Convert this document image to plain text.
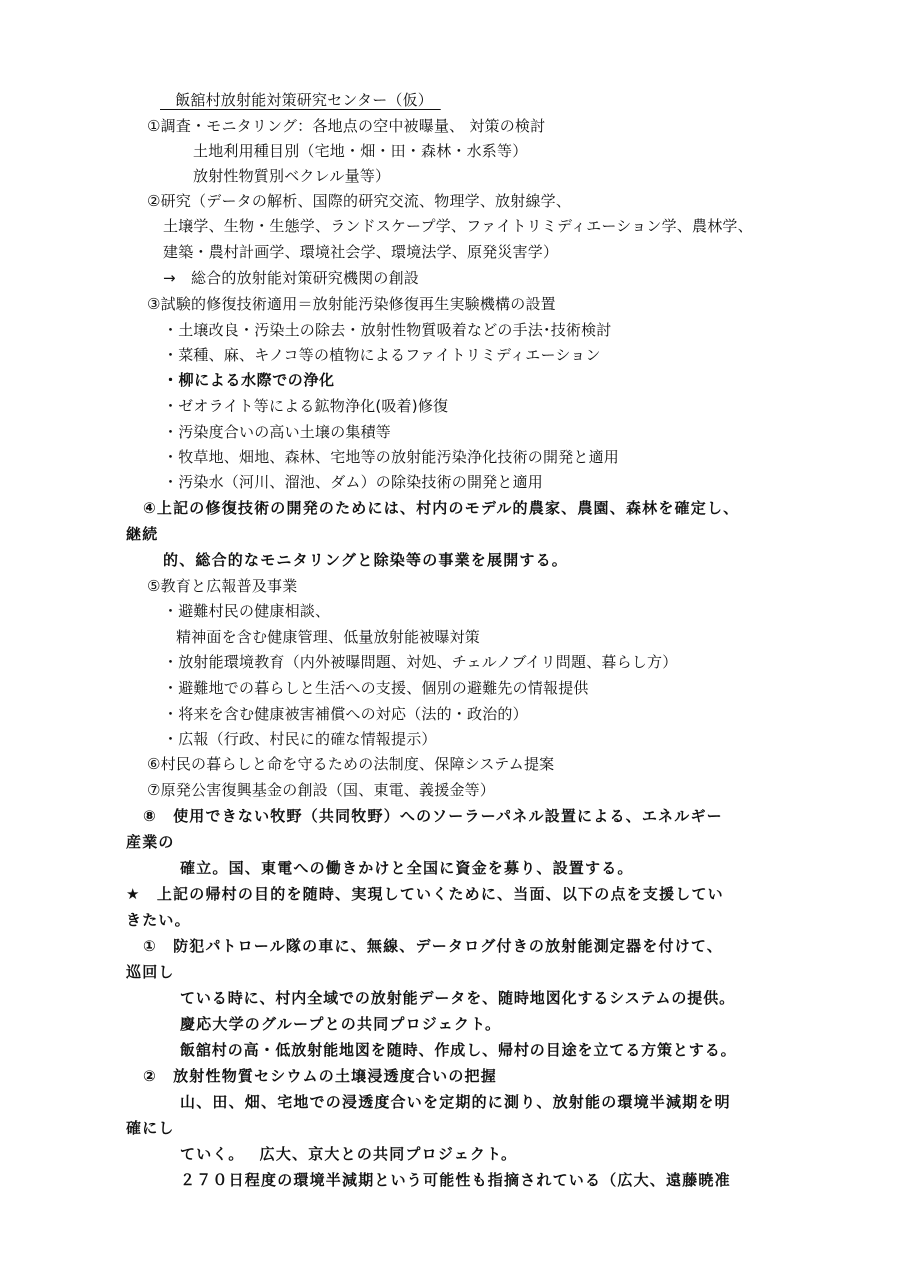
　飯舘村放射能対策研究センター（仮）　
①調査・モニタリング：各地点の空中被曝量、 対策の検討
土地利用種目別（宅地・畑・田・森林・水系等）
放射性物質別ベクレル量等）
②研究（データの解析、国際的研究交流、物理学、放射線学、
土壌学、生物・生態学、ランドスケープ学、ファイトリミディエーション学、農林学、
建築・農村計画学、環境社会学、環境法学、原発災害学）
→　総合的放射能対策研究機関の創設
③試験的修復技術適用＝放射能汚染修復再生実験機構の設置
・土壌改良・汚染土の除去・放射性物質吸着などの手法･技術検討
・菜種、麻、キノコ等の植物によるファイトリミディエーション
・柳による水際での浄化
・ゼオライト等による鉱物浄化(吸着)修復
・汚染度合いの高い土壌の集積等
・牧草地、畑地、森林、宅地等の放射能汚染浄化技術の開発と適用
・汚染水（河川、溜池、ダム）の除染技術の開発と適用
④上記の修復技術の開発のためには、村内のモデル的農家、農園、森林を確定し、
継続
的、総合的なモニタリングと除染等の事業を展開する。
⑤教育と広報普及事業
・避難村民の健康相談、
精神面を含む健康管理、低量放射能被曝対策
・放射能環境教育（内外被曝問題、対処、チェルノブイリ問題、暮らし方）
・避難地での暮らしと生活への支援、個別の避難先の情報提供
・将来を含む健康被害補償への対応（法的・政治的）
・広報（行政、村民に的確な情報提示）
⑥村民の暮らしと命を守るための法制度、保障システム提案
⑦原発公害復興基金の創設（国、東電、義援金等）
⑧　使用できない牧野（共同牧野）へのソーラーパネル設置による、エネルギー
産業の
確立。国、東電への働きかけと全国に資金を募り、設置する。
★　上記の帰村の目的を随時、実現していくために、当面、以下の点を支援してい
きたい。
①　防犯パトロール隊の車に、無線、データログ付きの放射能測定器を付けて、
巡回し
ている時に、村内全域での放射能データを、随時地図化するシステムの提供。
慶応大学のグループとの共同プロジェクト。
飯舘村の高・低放射能地図を随時、作成し、帰村の目途を立てる方策とする。
②　放射性物質セシウムの土壌浸透度合いの把握
山、田、畑、宅地での浸透度合いを定期的に測り、放射能の環境半減期を明
確にし
ていく。　 広大、京大との共同プロジェクト。
２７０日程度の環境半減期という可能性も指摘されている（広大、遠藤暁准
